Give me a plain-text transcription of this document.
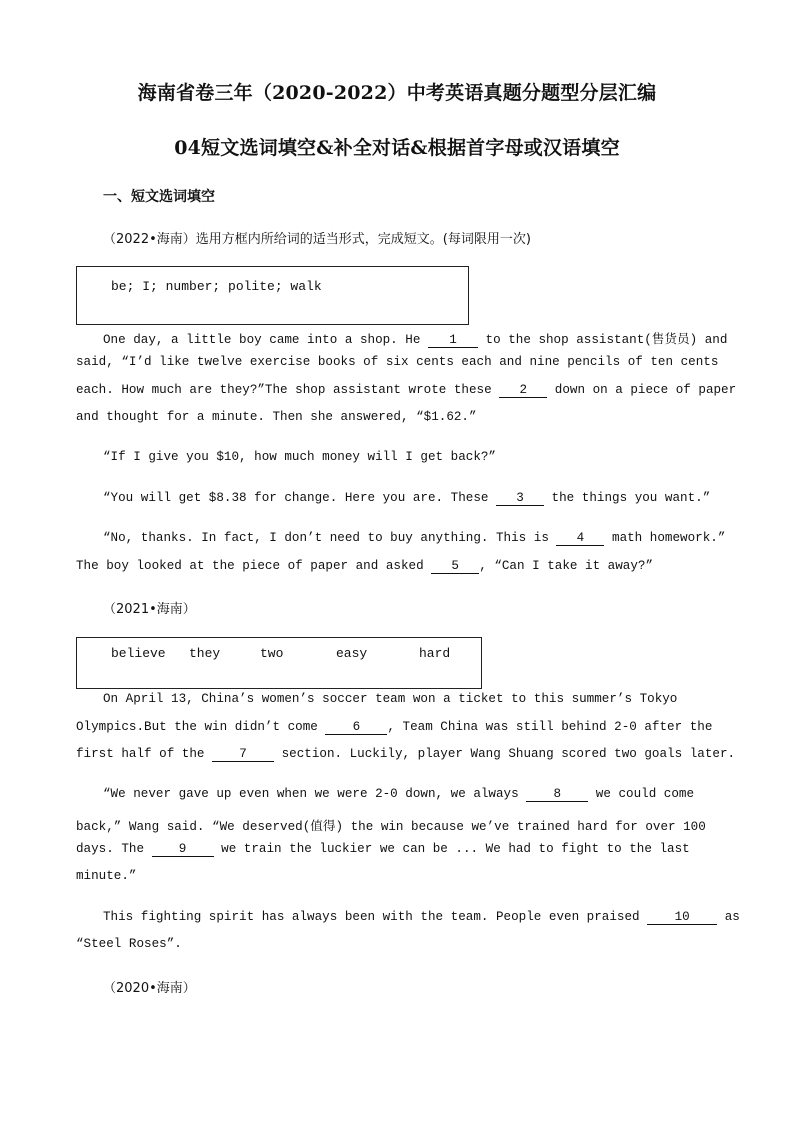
海南省卷三年（2020-2022）中考英语真题分题型分层汇编
04短文选词填空&补全对话&根据首字母或汉语填空
一、短文选词填空
（2022•海南）选用方框内所给词的适当形式，完成短文。(每词限用一次)
be; I; number; polite; walk
One day, a little boy came into a shop. He 1 to the shop assistant(售货员) and
said, “I’d like twelve exercise books of six cents each and nine pencils of ten cents
each. How much are they?”The shop assistant wrote these 2 down on a piece of paper
and thought for a minute. Then she answered, “$1.62.”
“If I give you $10, how much money will I get back?”
“You will get $8.38 for change. Here you are. These 3 the things you want.”
“No, thanks. In fact, I don’t need to buy anything. This is 4 math homework.”
The boy looked at the piece of paper and asked 5 , “Can I take it away?”
（2021•海南）
believe they	two	easy	hard
On April 13, China’s women’s soccer team won a ticket to this summer’s Tokyo
Olympics.But the win didn’t come 6 , Team China was still behind 2-0 after the
first half of the 7 section. Luckily, player Wang Shuang scored two goals later.
“We never gave up even when we were 2-0 down, we always 8 we could come
back,” Wang said. “We deserved(值得) the win because we’ve trained hard for over 100
days. The 9 we train the luckier we can be ... We had to fight to the last
minute.”
This fighting spirit has always been with the team. People even praised 10 as
“Steel Roses”.
（2020•海南）
